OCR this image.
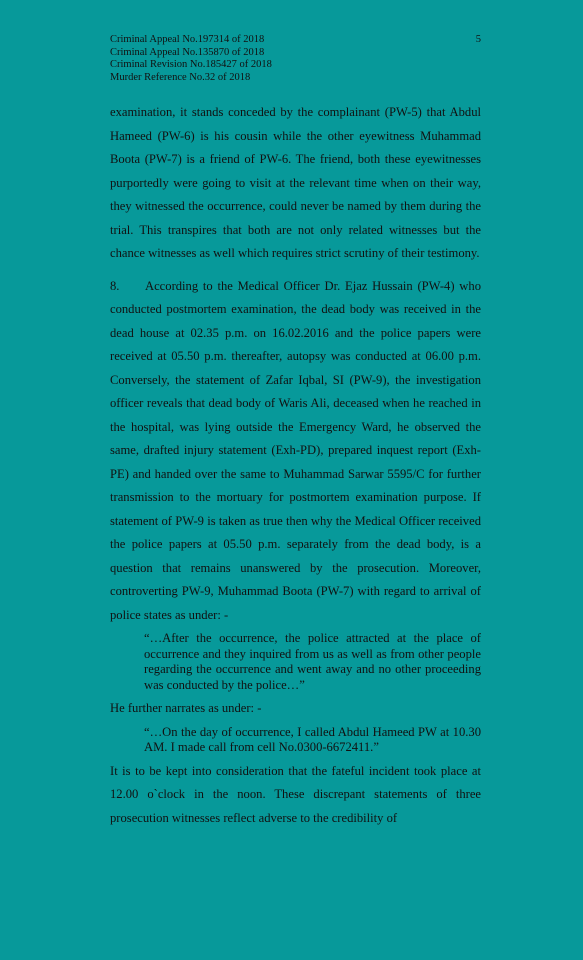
Criminal Appeal No.197314 of 2018
Criminal Appeal No.135870 of 2018
Criminal Revision No.185427 of 2018
Murder Reference No.32 of 2018
5

examination, it stands conceded by the complainant (PW-5) that Abdul Hameed (PW-6) is his cousin while the other eyewitness Muhammad Boota (PW-7) is a friend of PW-6. The friend, both these eyewitnesses purportedly were going to visit at the relevant time when on their way, they witnessed the occurrence, could never be named by them during the trial. This transpires that both are not only related witnesses but the chance witnesses as well which requires strict scrutiny of their testimony.

8. According to the Medical Officer Dr. Ejaz Hussain (PW-4) who conducted postmortem examination, the dead body was received in the dead house at 02.35 p.m. on 16.02.2016 and the police papers were received at 05.50 p.m. thereafter, autopsy was conducted at 06.00 p.m. Conversely, the statement of Zafar Iqbal, SI (PW-9), the investigation officer reveals that dead body of Waris Ali, deceased when he reached in the hospital, was lying outside the Emergency Ward, he observed the same, drafted injury statement (Exh-PD), prepared inquest report (Exh-PE) and handed over the same to Muhammad Sarwar 5595/C for further transmission to the mortuary for postmortem examination purpose. If statement of PW-9 is taken as true then why the Medical Officer received the police papers at 05.50 p.m. separately from the dead body, is a question that remains unanswered by the prosecution. Moreover, controverting PW-9, Muhammad Boota (PW-7) with regard to arrival of police states as under: -

“…After the occurrence, the police attracted at the place of occurrence and they inquired from us as well as from other people regarding the occurrence and went away and no other proceeding was conducted by the police…”

He further narrates as under: -

“…On the day of occurrence, I called Abdul Hameed PW at 10.30 AM. I made call from cell No.0300-6672411.”

It is to be kept into consideration that the fateful incident took place at 12.00 o`clock in the noon. These discrepant statements of three prosecution witnesses reflect adverse to the credibility of
